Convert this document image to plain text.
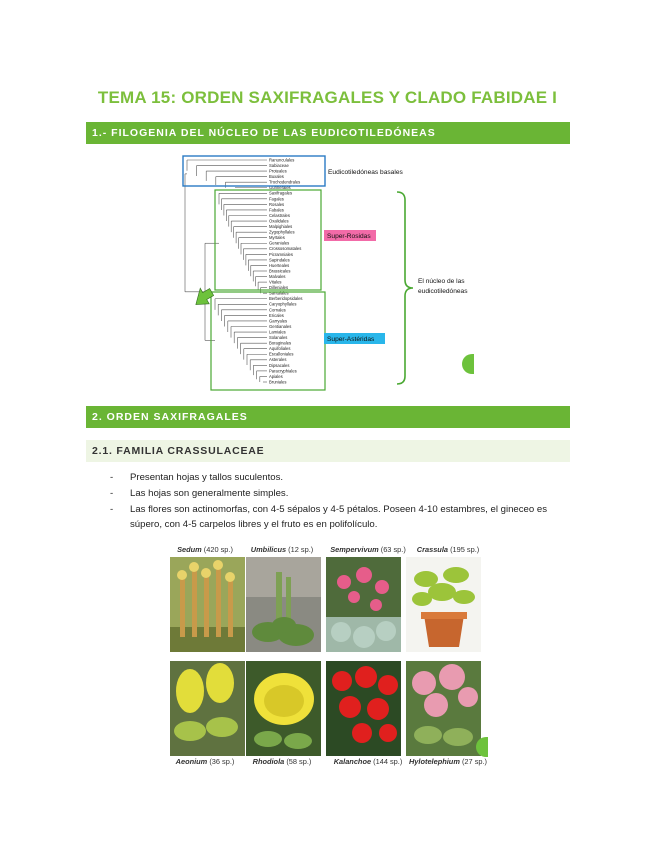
TEMA 15: ORDEN SAXIFRAGALES Y CLADO FABIDAE I
1.- FILOGENIA DEL NÚCLEO DE LAS EUDICOTILEDÓNEAS
Ranunculales
Sabiaceae
Proteales
Buxales
Trochodendrales
Gunnerales
Saxifragales
Fagales
Rosales
Fabales
Celastrales
Oxalidales
Malpighiales
Zygophyllales
Myrtales
Geraniales
Crossosomatales
Picramniales
Sapindales
Huerteales
Brassicales
Malvales
Vitales
Dilleniales
Santalales
Berberidopsidales
Caryophyllales
Cornales
Ericales
Garryales
Gentianales
Lamiales
Solanales
Boraginales
Aquifoliales
Escalloniales
Asterales
Dipsacales
Paracryphiales
Apiales
Bruniales
Eudicotiledóneas basales
Super-Rosidas
Super-Astéridas
El núcleo de las
eudicotiledóneas
2. ORDEN SAXIFRAGALES
2.1. FAMILIA CRASSULACEAE
- Presentan hojas y tallos suculentos.
- Las hojas son generalmente simples.
- Las flores son actinomorfas, con 4-5 sépalos y 4-5 pétalos. Poseen 4-10 estambres, el gineceo es súpero, con 4-5 carpelos libres y el fruto es en polifolículo.
Sedum (420 sp.)	Umbilicus (12 sp.)	Sempervivum (63 sp.)	Crassula (195 sp.)
Aeonium (36 sp.)	Rhodiola (58 sp.)	Kalanchoe (144 sp.) Hylotelephium (27 sp.)
